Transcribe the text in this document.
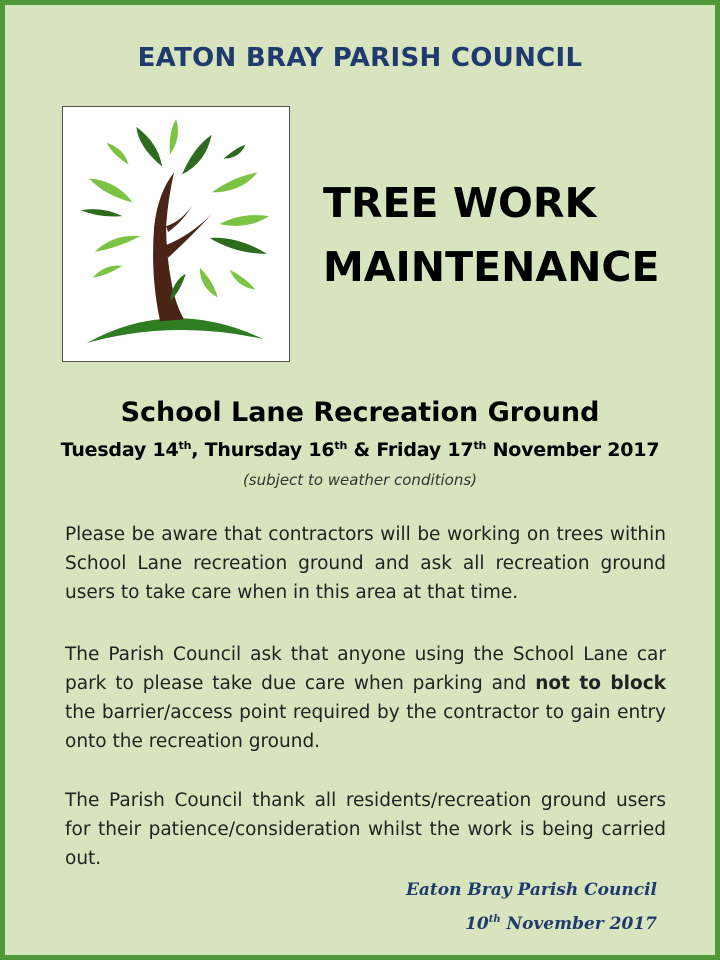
EATON BRAY PARISH COUNCIL
TREE WORK
MAINTENANCE
School Lane Recreation Ground
Tuesday 14th, Thursday 16th & Friday 17th November 2017
(subject to weather conditions)
Please be aware that contractors will be working on trees within School Lane recreation ground and ask all recreation ground users to take care when in this area at that time.
The Parish Council ask that anyone using the School Lane car park to please take due care when parking and not to block the barrier/access point required by the contractor to gain entry onto the recreation ground.
The Parish Council thank all residents/recreation ground users for their patience/consideration whilst the work is being carried out.
Eaton Bray Parish Council
10th November 2017
